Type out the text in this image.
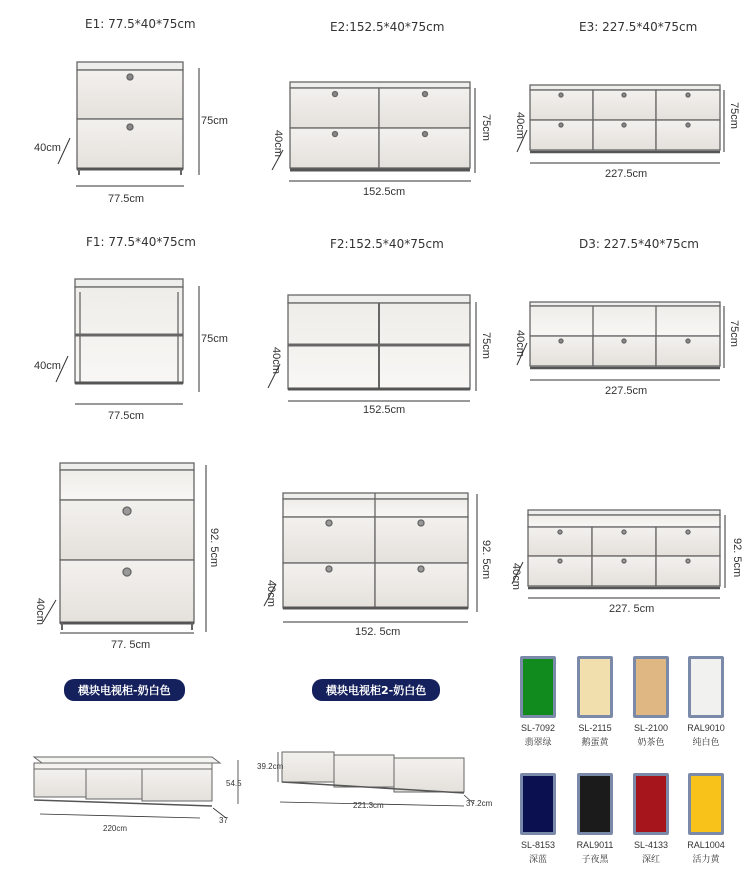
E1: 77.5*40*75cm	E2:152.5*40*75cm	E3: 227.5*40*75cm
F1: 77.5*40*75cm	F2:152.5*40*75cm	D3: 227.5*40*75cm
77.5cm
75cm
40cm
152.5cm
75cm
40cm
227.5cm
75cm
40cm
77.5cm
75cm
40cm
152.5cm
75cm
40cm
227.5cm
75cm
40cm
77. 5cm
92. 5cm
40cm
152. 5cm
92. 5cm
40cm
227. 5cm
92. 5cm
40cm
模块电视柜-奶白色	模块电视柜2-奶白色
220cm
54.5
37
221.3cm
39.2cm
37.2cm
SL-7092
翡翠绿
SL-2115
鹅蛋黄
SL-2100
奶茶色
RAL9010
纯白色
SL-8153
深蓝
RAL9011
子夜黑
SL-4133
深红
RAL1004
活力黄
